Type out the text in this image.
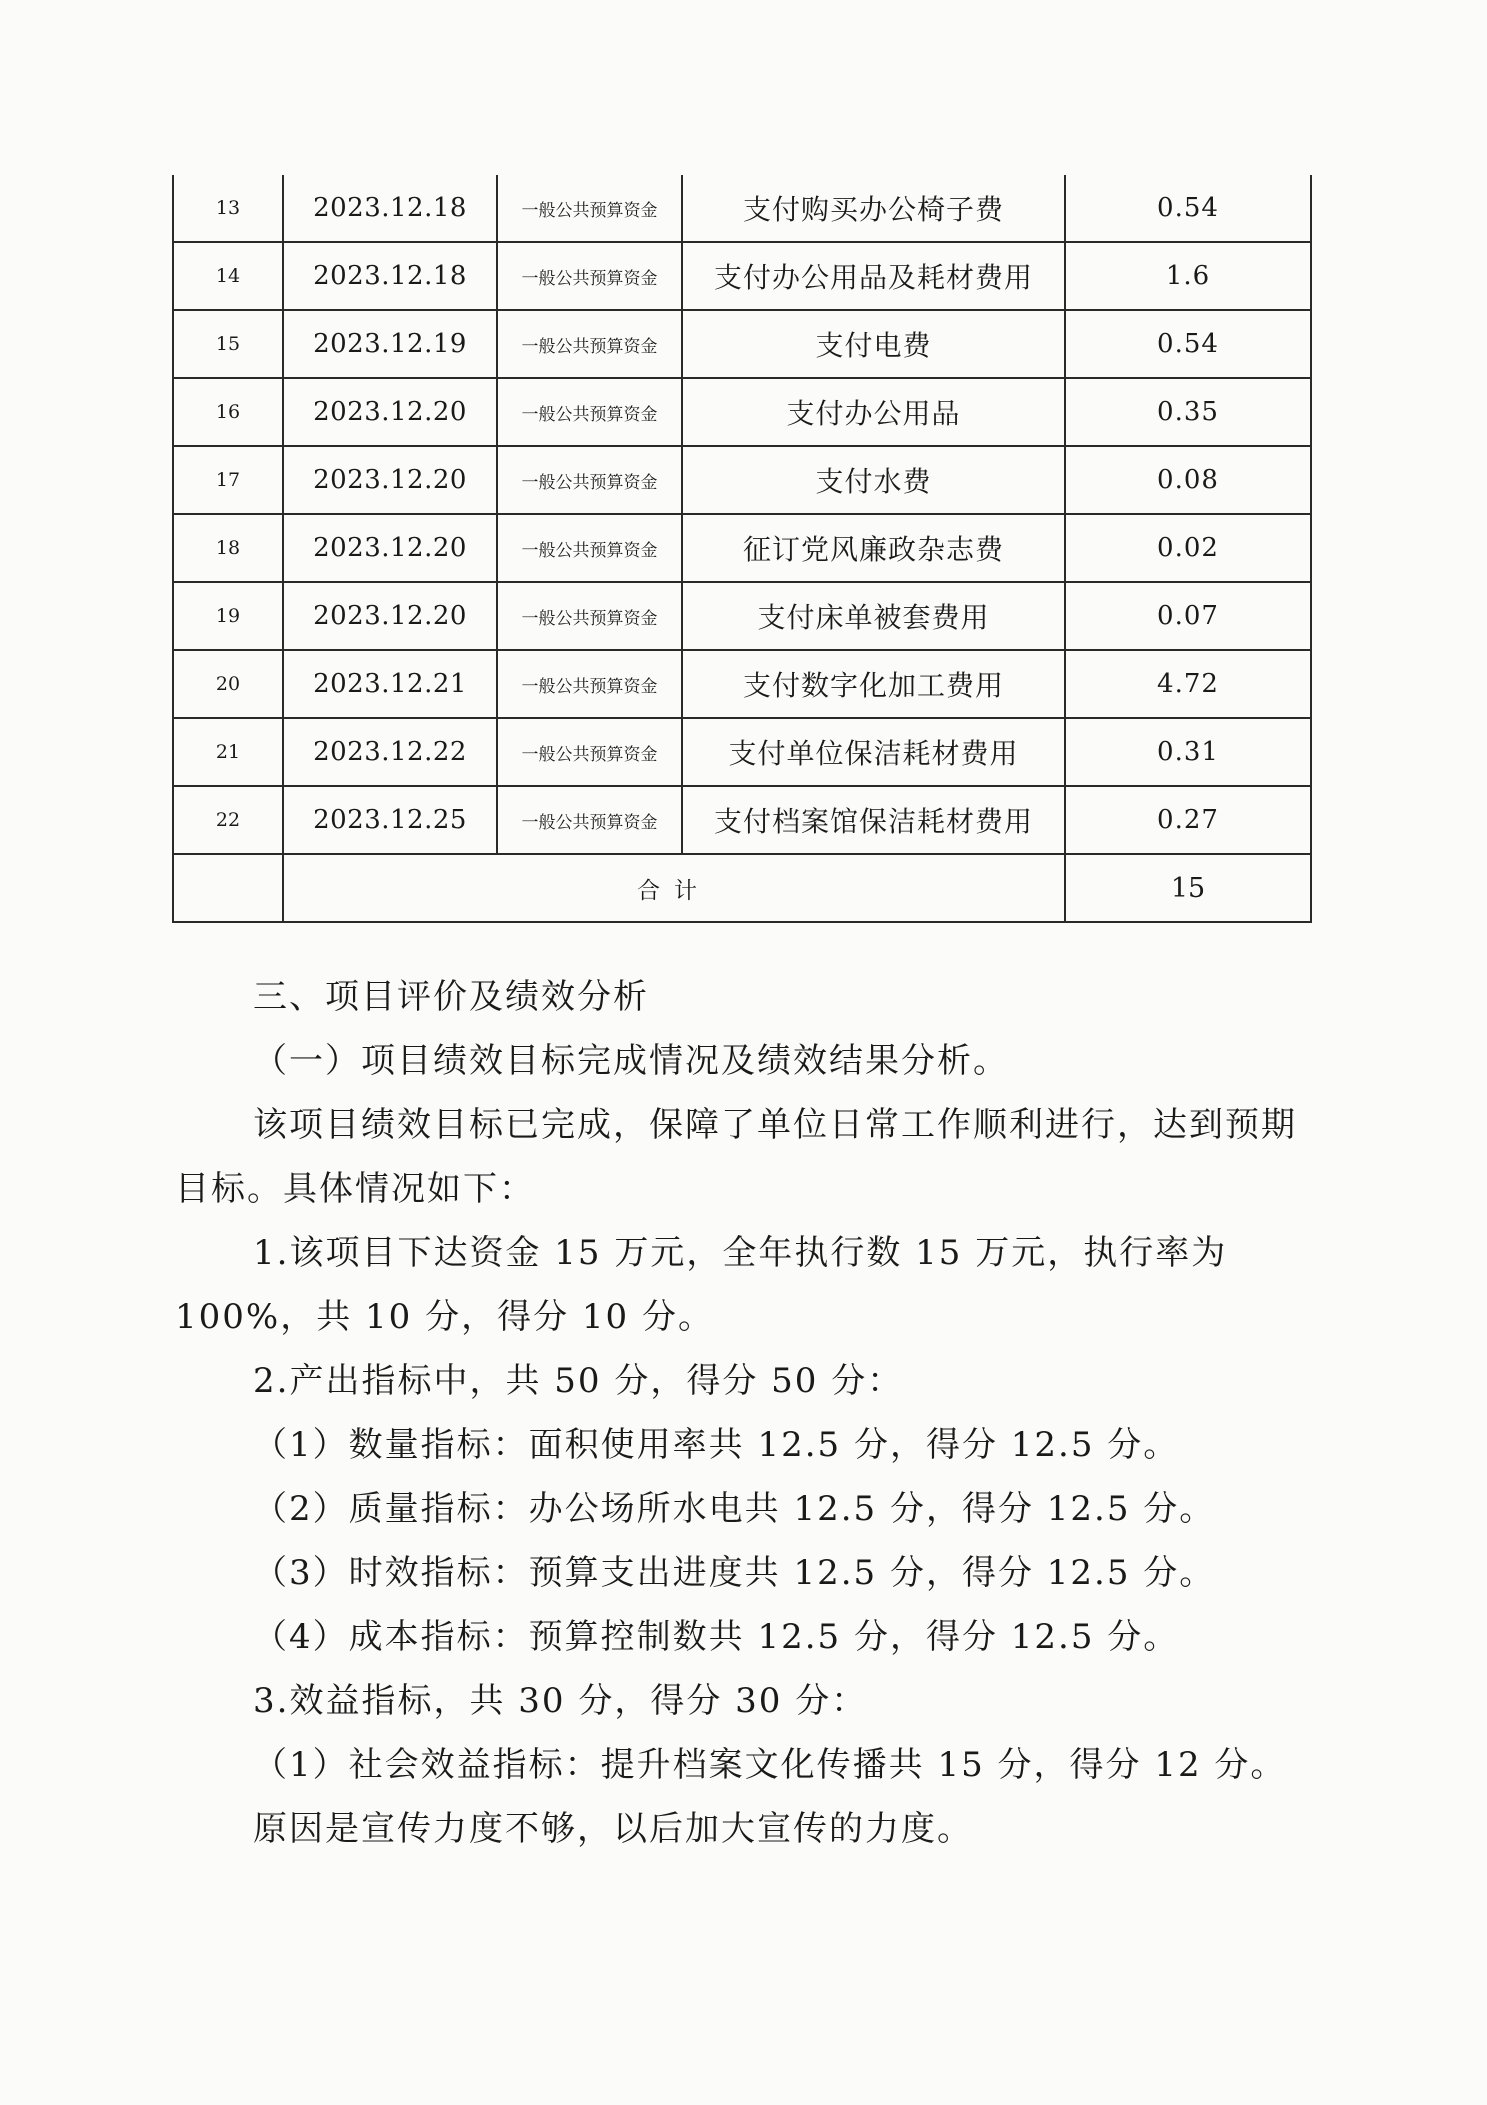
13	2023.12.18	一般公共预算资金	支付购买办公椅子费	0.54
14	2023.12.18	一般公共预算资金	支付办公用品及耗材费用	1.6
15	2023.12.19	一般公共预算资金	支付电费	0.54
16	2023.12.20	一般公共预算资金	支付办公用品	0.35
17	2023.12.20	一般公共预算资金	支付水费	0.08
18	2023.12.20	一般公共预算资金	征订党风廉政杂志费	0.02
19	2023.12.20	一般公共预算资金	支付床单被套费用	0.07
20	2023.12.21	一般公共预算资金	支付数字化加工费用	4.72
21	2023.12.22	一般公共预算资金	支付单位保洁耗材费用	0.31
22	2023.12.25	一般公共预算资金	支付档案馆保洁耗材费用	0.27
	合计			15

三、项目评价及绩效分析

（一）项目绩效目标完成情况及绩效结果分析。

该项目绩效目标已完成，保障了单位日常工作顺利进行，达到预期目标。具体情况如下：

1.该项目下达资金 15 万元，全年执行数 15 万元，执行率为 100%，共 10 分，得分 10 分。

2.产出指标中，共 50 分，得分 50 分：

（1）数量指标：面积使用率共 12.5 分，得分 12.5 分。

（2）质量指标：办公场所水电共 12.5 分，得分 12.5 分。

（3）时效指标：预算支出进度共 12.5 分，得分 12.5 分。

（4）成本指标：预算控制数共 12.5 分，得分 12.5 分。

3.效益指标，共 30 分，得分 30 分：

（1）社会效益指标：提升档案文化传播共 15 分，得分 12 分。

原因是宣传力度不够，以后加大宣传的力度。
